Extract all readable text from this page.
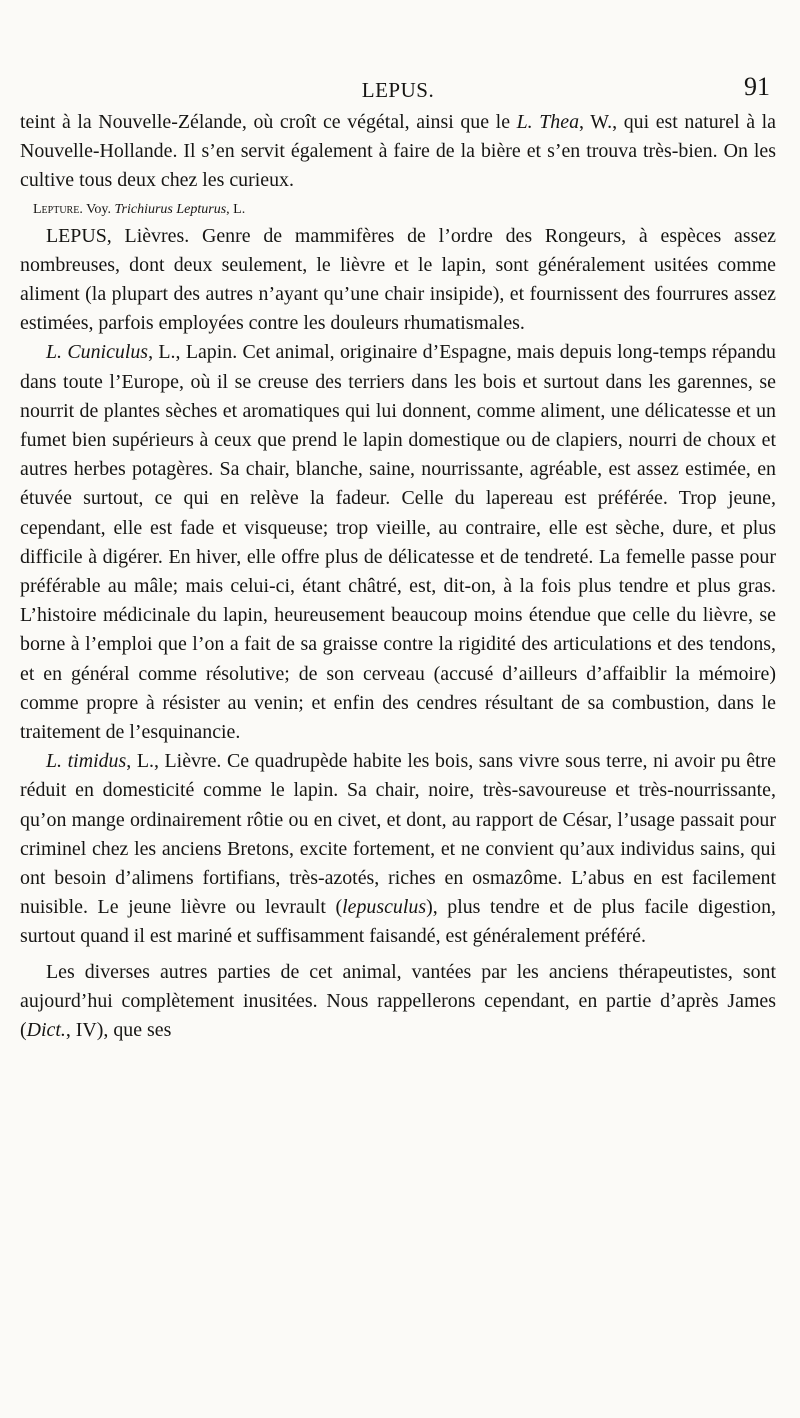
LEPUS.	91

teint à la Nouvelle-Zélande, où croît ce végétal, ainsi que le L. Thea, W., qui est naturel à la Nouvelle-Hollande. Il s’en servit également à faire de la bière et s’en trouva très-bien. On les cultive tous deux chez les curieux.

Lepture. Voy. Trichiurus Lepturus, L.

LEPUS, Lièvres. Genre de mammifères de l’ordre des Rongeurs, à espèces assez nombreuses, dont deux seulement, le lièvre et le lapin, sont généralement usitées comme aliment (la plupart des autres n’ayant qu’une chair insipide), et fournissent des fourrures assez estimées, parfois employées contre les douleurs rhumatismales.

L. Cuniculus, L., Lapin. Cet animal, originaire d’Espagne, mais depuis long-temps répandu dans toute l’Europe, où il se creuse des terriers dans les bois et surtout dans les garennes, se nourrit de plantes sèches et aromatiques qui lui donnent, comme aliment, une délicatesse et un fumet bien supérieurs à ceux que prend le lapin domestique ou de clapiers, nourri de choux et autres herbes potagères. Sa chair, blanche, saine, nourrissante, agréable, est assez estimée, en étuvée surtout, ce qui en relève la fadeur. Celle du lapereau est préférée. Trop jeune, cependant, elle est fade et visqueuse; trop vieille, au contraire, elle est sèche, dure, et plus difficile à digérer. En hiver, elle offre plus de délicatesse et de tendreté. La femelle passe pour préférable au mâle; mais celui-ci, étant châtré, est, dit-on, à la fois plus tendre et plus gras. L’histoire médicinale du lapin, heureusement beaucoup moins étendue que celle du lièvre, se borne à l’emploi que l’on a fait de sa graisse contre la rigidité des articulations et des tendons, et en général comme résolutive; de son cerveau (accusé d’ailleurs d’affaiblir la mémoire) comme propre à résister au venin; et enfin des cendres résultant de sa combustion, dans le traitement de l’esquinancie.

L. timidus, L., Lièvre. Ce quadrupède habite les bois, sans vivre sous terre, ni avoir pu être réduit en domesticité comme le lapin. Sa chair, noire, très-savoureuse et très-nourrissante, qu’on mange ordinairement rôtie ou en civet, et dont, au rapport de César, l’usage passait pour criminel chez les anciens Bretons, excite fortement, et ne convient qu’aux individus sains, qui ont besoin d’alimens fortifians, très-azotés, riches en osmazôme. L’abus en est facilement nuisible. Le jeune lièvre ou levrault (lepusculus), plus tendre et de plus facile digestion, surtout quand il est mariné et suffisamment faisandé, est généralement préféré.

Les diverses autres parties de cet animal, vantées par les anciens thérapeutistes, sont aujourd’hui complètement inusitées. Nous rappellerons cependant, en partie d’après James (Dict., IV), que ses
